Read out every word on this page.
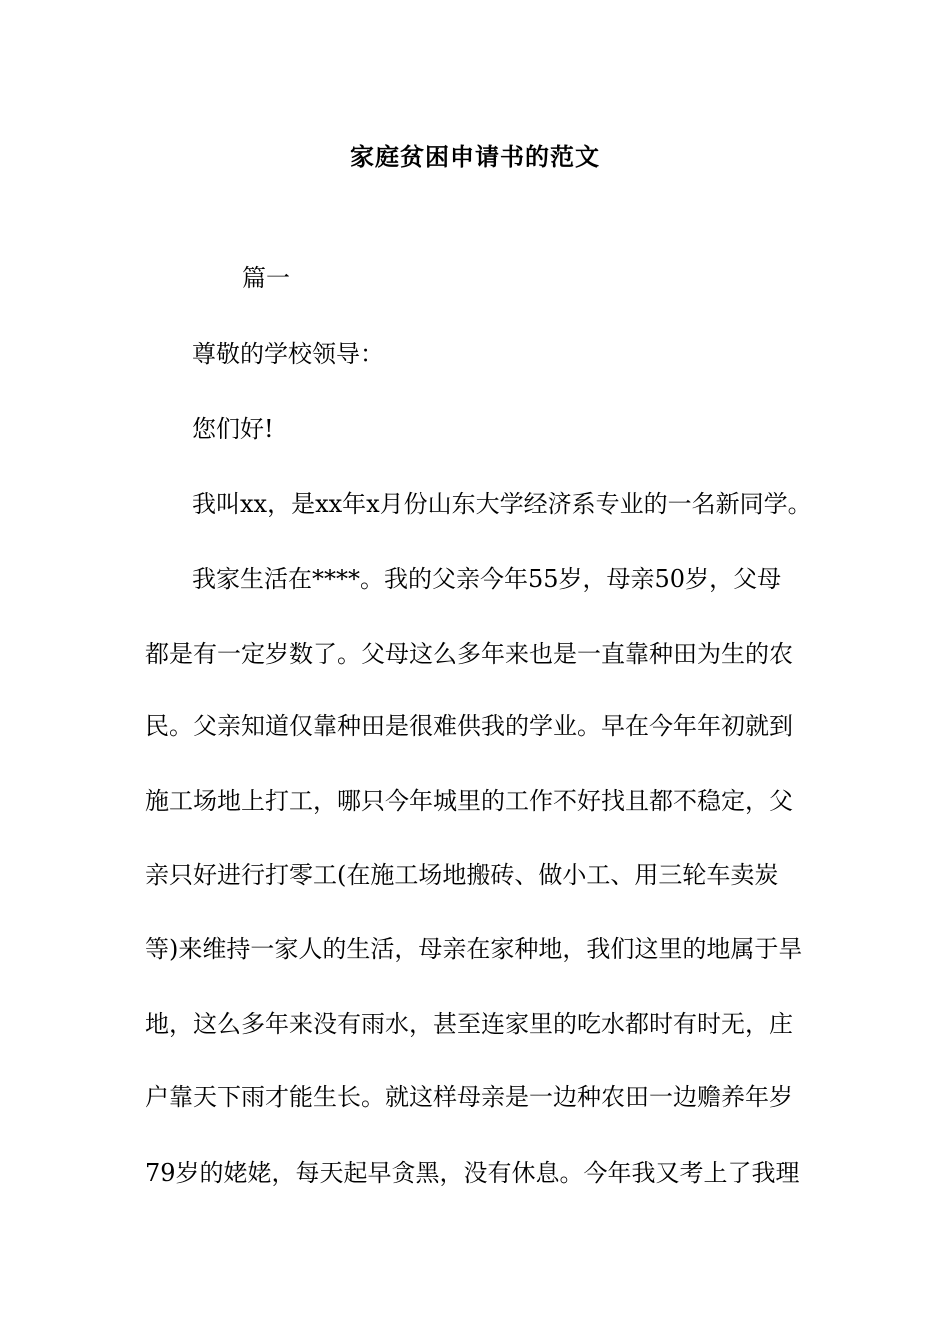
家庭贫困申请书的范文
篇一
尊敬的学校领导：
您们好!
我叫xx，是xx年x月份山东大学经济系专业的一名新同学。
我家生活在****。我的父亲今年55岁，母亲50岁，父母
都是有一定岁数了。父母这么多年来也是一直靠种田为生的农
民。父亲知道仅靠种田是很难供我的学业。早在今年年初就到
施工场地上打工，哪只今年城里的工作不好找且都不稳定，父
亲只好进行打零工(在施工场地搬砖、做小工、用三轮车卖炭
等)来维持一家人的生活，母亲在家种地，我们这里的地属于旱
地，这么多年来没有雨水，甚至连家里的吃水都时有时无，庄
户靠天下雨才能生长。就这样母亲是一边种农田一边赡养年岁
79岁的姥姥，每天起早贪黑，没有休息。今年我又考上了我理
